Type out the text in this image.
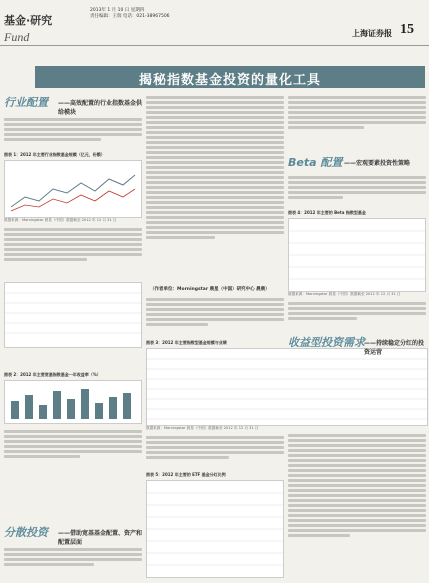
基金·研究
Fund
2013年 1 月 10 日 星期四
责任编辑：王瑞 电话：021-38967506
上海证券报 15
揭秘指数基金投资的量化工具
行业配置 ——高效配置的行业指数基金供给模块
图表 1：2012 年主要行业指数基金规模（亿元，份额）
数据来源：Morningstar 晨星（中国）数据截至 2012 年 12 月 31 日
图表 2：2012 年主要宽基指数基金一年收益率（%）
分散投资 ——借助宽基基金配置、资产和配置层面
（作者单位：Morningstar 晨星（中国）研究中心 晨晨）
图表 3：2012 年主要指数型基金规模与业绩
数据来源：Morningstar 晨星（中国）数据截至 2012 年 12 月 31 日
图表 5：2012 年主要的 ETF 基金分红比例
Beta 配置 ——宏观要素投资性策略
图表 4：2012 年主要的 Beta 指数型基金
数据来源：Morningstar 晨星（中国）数据截至 2012 年 12 月 31 日
收益型投资需求 ——持续稳定分红的投资运营
